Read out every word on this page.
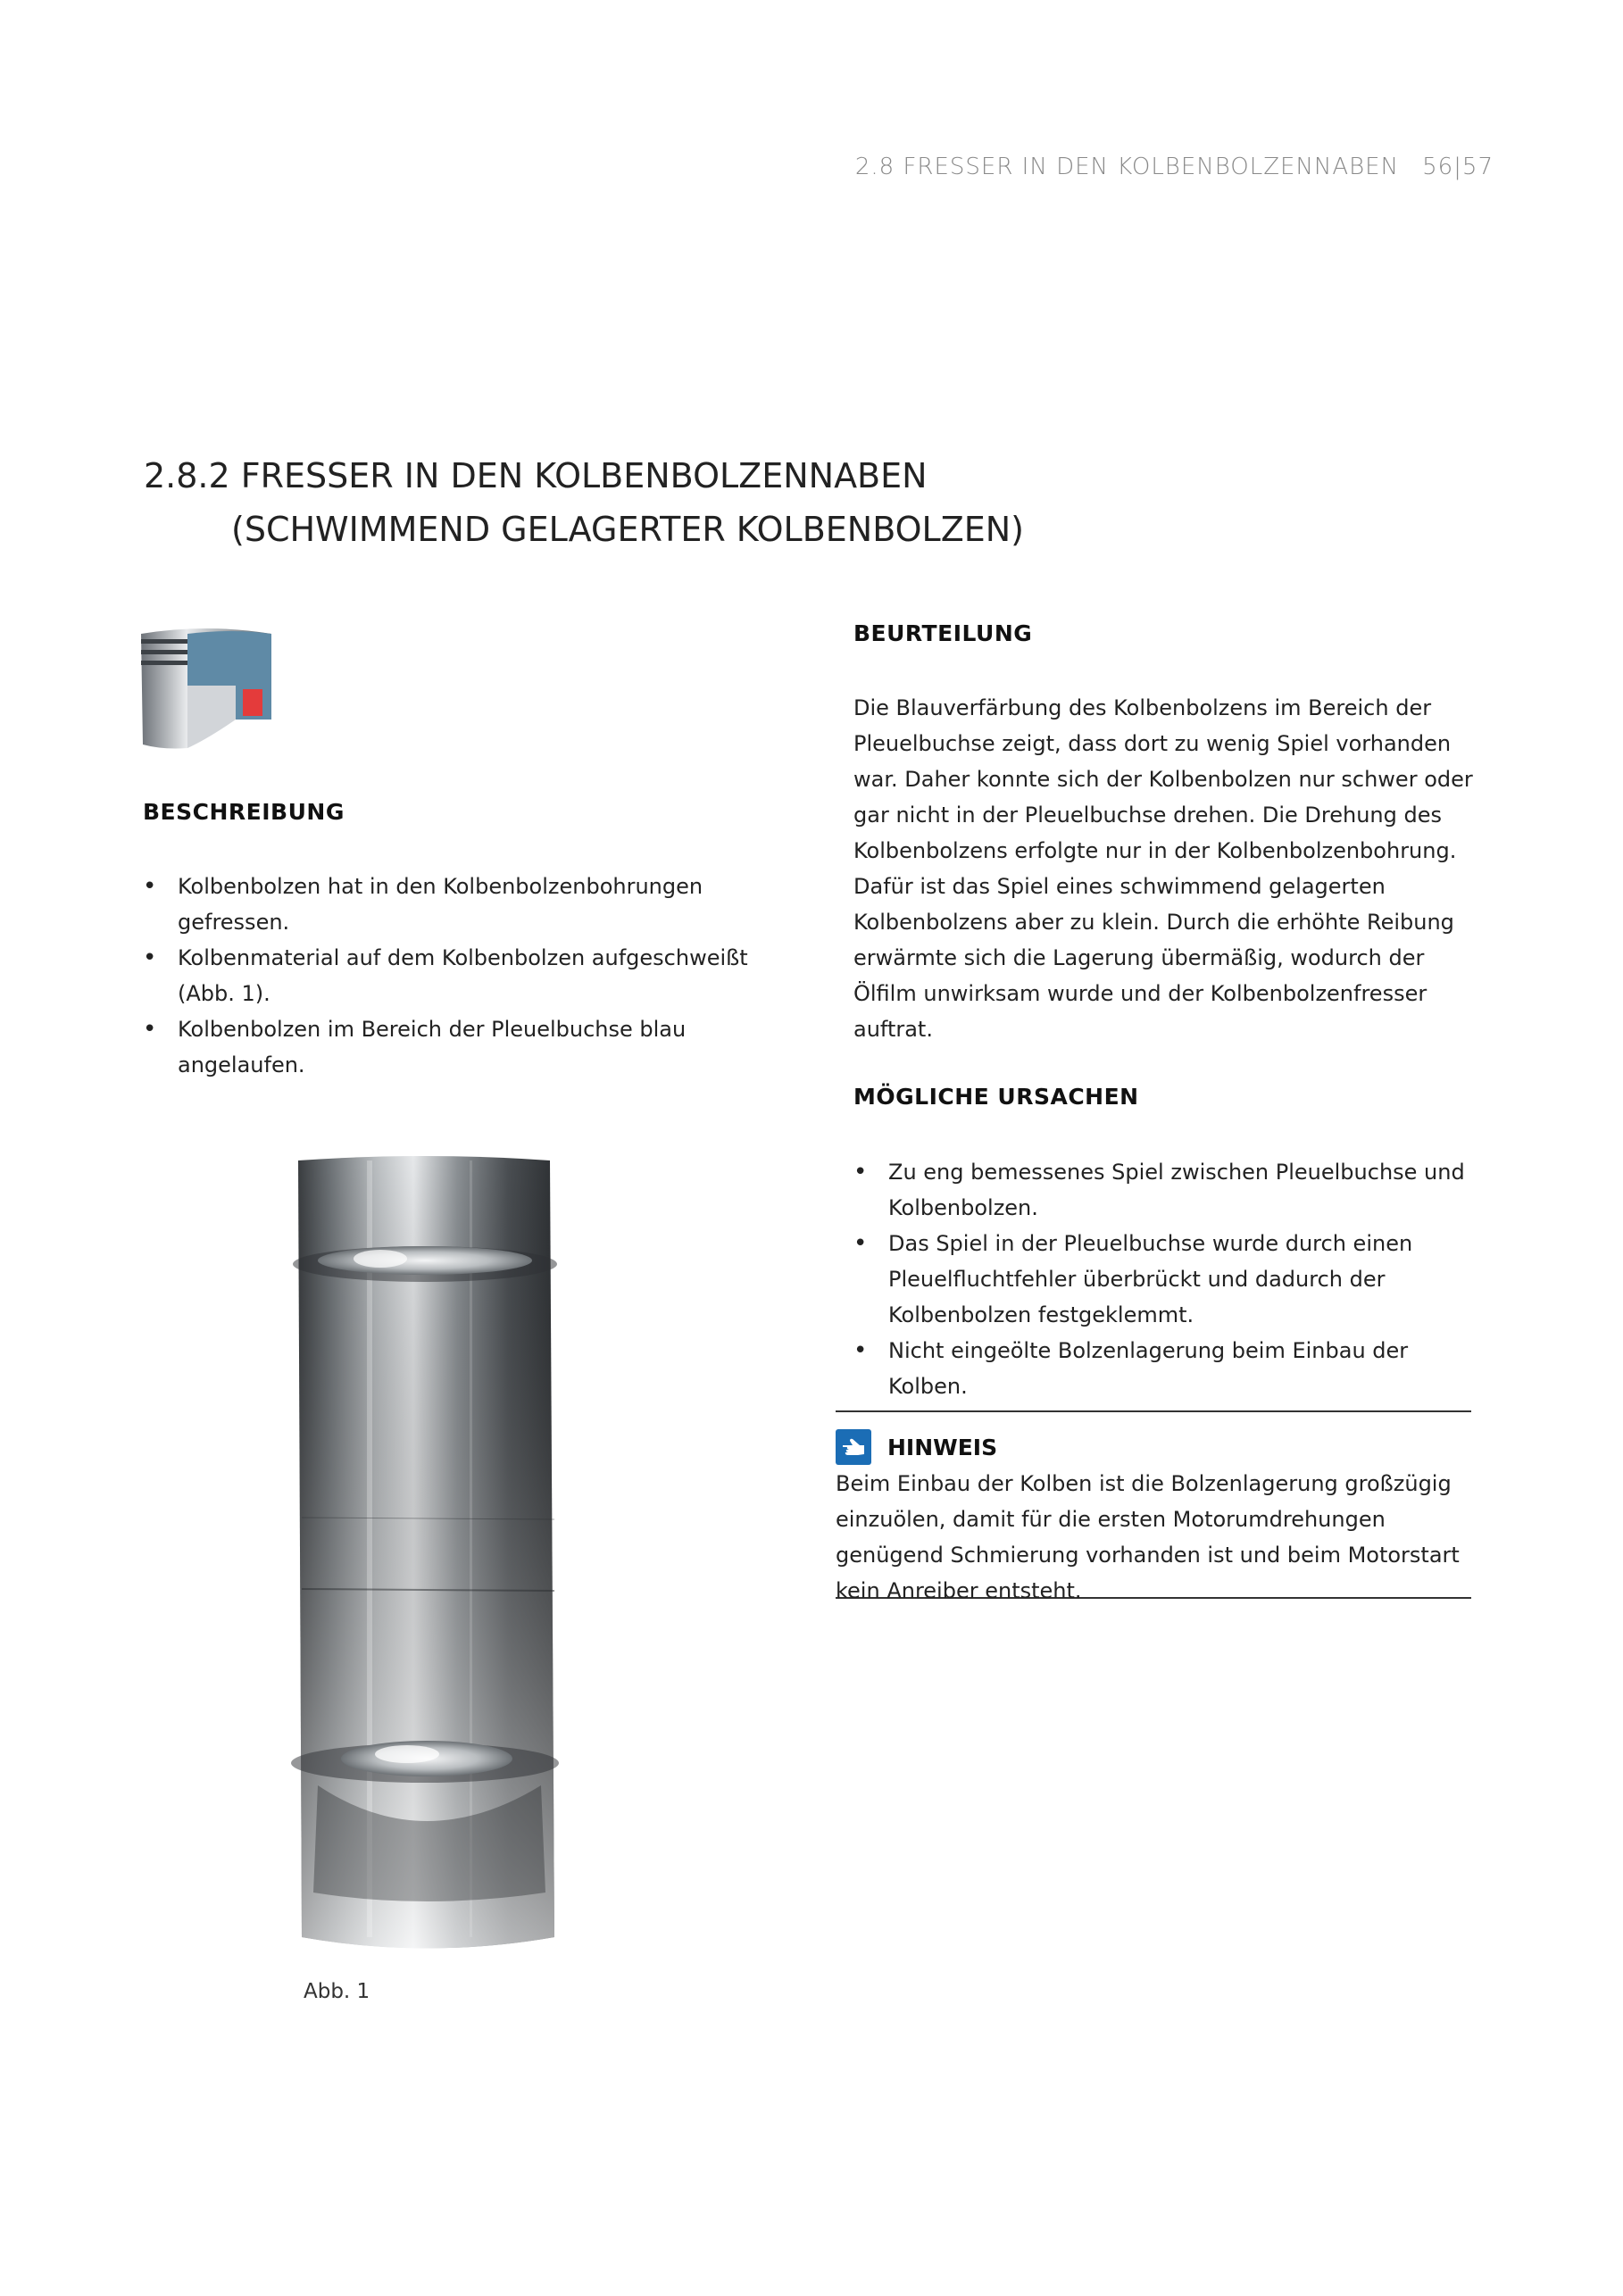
2.8 FRESSER IN DEN KOLBENBOLZENNABEN 56|57
2.8.2 FRESSER IN DEN KOLBENBOLZENNABEN
(SCHWIMMEND GELAGERTER KOLBENBOLZEN)
BESCHREIBUNG
• Kolbenbolzen hat in den Kolbenbolzenbohrungen gefressen.
• Kolbenmaterial auf dem Kolbenbolzen aufgeschweißt (Abb. 1).
• Kolbenbolzen im Bereich der Pleuelbuchse blau angelaufen.
BEURTEILUNG

Die Blauverfärbung des Kolbenbolzens im Bereich der Pleuelbuchse zeigt, dass dort zu wenig Spiel vorhanden war. Daher konnte sich der Kolbenbolzen nur schwer oder gar nicht in der Pleuelbuchse drehen. Die Drehung des Kolbenbolzens erfolgte nur in der Kolbenbolzenbohrung. Dafür ist das Spiel eines schwimmend gelagerten Kolbenbolzens aber zu klein. Durch die erhöhte Reibung erwärmte sich die Lagerung übermäßig, wodurch der Ölfilm unwirksam wurde und der Kolbenbolzenfresser auftrat.

MÖGLICHE URSACHEN
• Zu eng bemessenes Spiel zwischen Pleuelbuchse und Kolbenbolzen.
• Das Spiel in der Pleuelbuchse wurde durch einen Pleuelfluchtfehler überbrückt und dadurch der Kolbenbolzen festgeklemmt.
• Nicht eingeölte Bolzenlagerung beim Einbau der Kolben.
HINWEIS

Beim Einbau der Kolben ist die Bolzenlagerung großzügig einzuölen, damit für die ersten Motorumdrehungen genügend Schmierung vorhanden ist und beim Motorstart kein Anreiber entsteht.

Abb. 1
